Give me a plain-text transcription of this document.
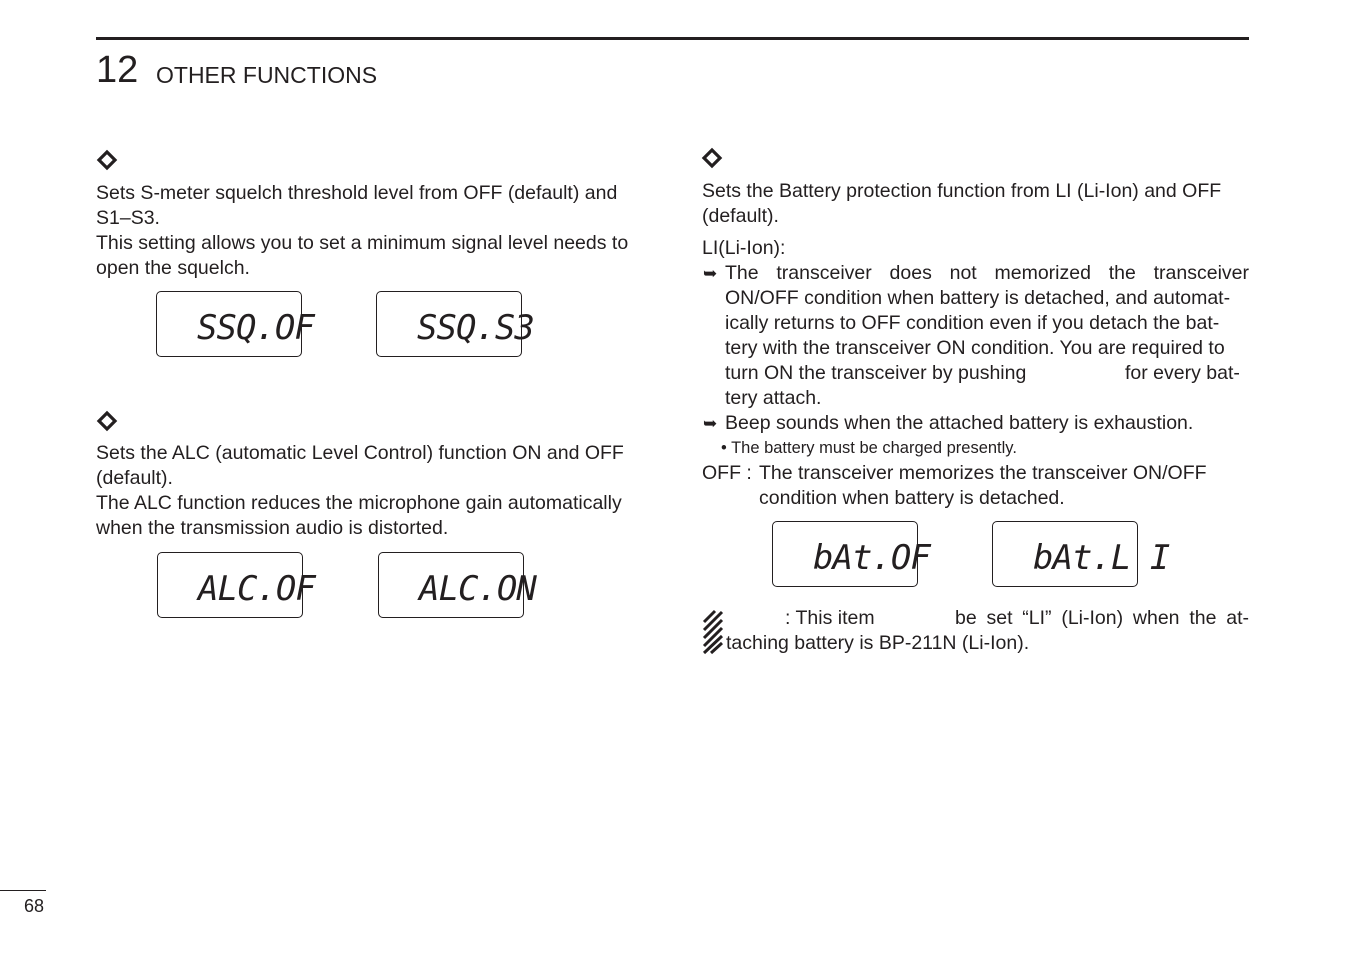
12 OTHER FUNCTIONS

Sets S-meter squelch threshold level from OFF (default) and S1–S3.

This setting allows you to set a minimum signal level needs to open the squelch.

SSQ.OF	SSQ.S3

Sets the ALC (automatic Level Control) function ON and OFF (default).

The ALC function reduces the microphone gain automatically when the transmission audio is distorted.

ALC.OF	ALC.ON

Sets the Battery protection function from LI (Li-Ion) and OFF (default).

LI(Li-Ion):

➥ The transceiver does not memorized the transceiver

ON/OFF condition when battery is detached, and automat-

ically returns to OFF condition even if you detach the bat-

tery with the transceiver ON condition. You are required to

turn ON the transceiver by pushing	for every bat-

tery attach.

➥ Beep sounds when the attached battery is exhaustion.

• The battery must be charged presently.

OFF : The transceiver memorizes the transceiver ON/OFF

condition when battery is detached.

bAt.OF	bAt.L I

: This item	be set “LI” (Li-Ion) when the at-

taching battery is BP-211N (Li-Ion).

68
